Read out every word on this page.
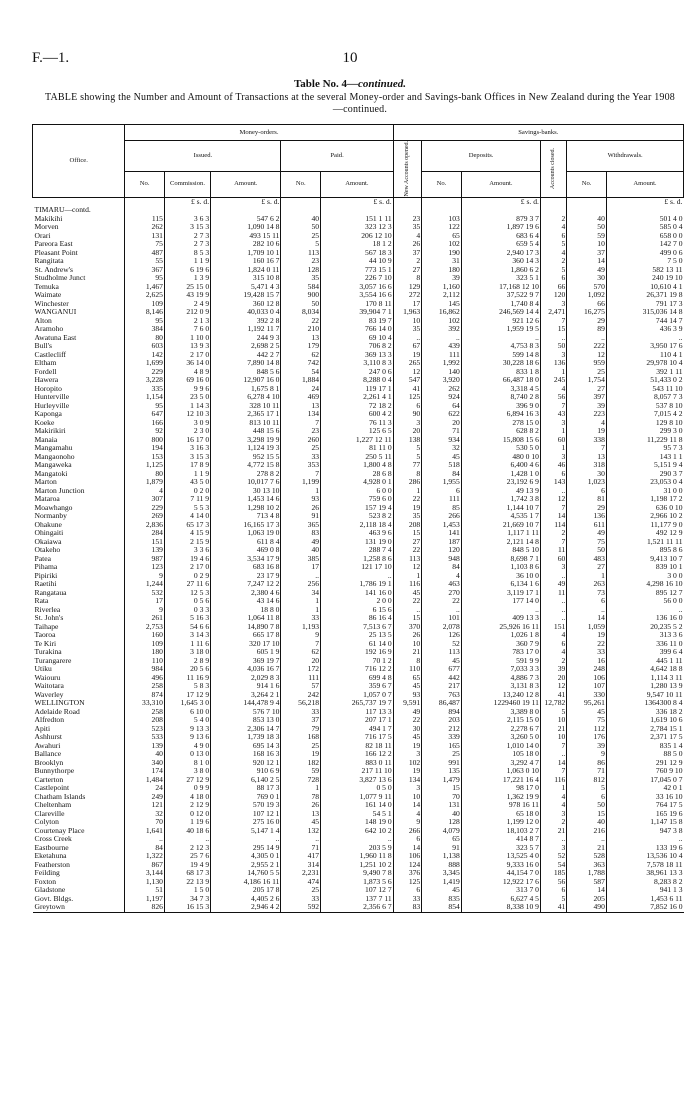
F.—1.	10
Table No. 4—continued.
TABLE showing the Number and Amount of Transactions at the several Money-order and Savings-bank Offices in New Zealand during the Year 1908—continued.
Office.	Money-orders.					Savings-banks.					
	Issued.			Paid.		New Accounts opened.	Deposits.		Accounts closed.	Withdrawals.	
	No.	Commission.	Amount.	No.	Amount.		No.	Amount.		No.	Amount.
		£ s. d.	£ s. d.		£ s. d.			£ s. d.			£ s. d.
TIMARU—contd.											
Makikihi	115	3 6 3	547 6 2	40	151 1 11	23	103	879 3 7	2	40	501 4 0
Morven	262	3 15 3	1,090 14 8	50	323 12 3	35	122	1,897 19 6	4	50	585 0 4
Orari	131	2 7 3	493 15 11	25	206 12 10	4	65	683 6 4	6	59	658 0 0
Pareora East	75	2 7 3	282 10 6	5	18 1 2	26	102	659 5 4	5	10	142 7 0
Pleasant Point	487	8 5 3	1,709 10 1	113	567 18 3	37	190	2,940 17 3	4	37	499 0 6
Rangitata	55	1 1 9	160 16 7	23	44 10 9	2	31	360 14 3	2	14	7 5 0
St. Andrew's	367	6 19 6	1,824 0 11	128	773 15 1	27	180	1,860 6 2	5	49	582 13 11
Studholme Junct	95	1 3 9	315 10 8	35	226 7 10	8	39	323 5 1	6	30	240 19 10
Temuka	1,467	25 15 0	5,471 4 3	584	3,057 16 6	129	1,160	17,168 12 10	66	570	10,610 4 1
Waimate	2,625	43 19 9	19,428 15 7	900	3,554 16 6	272	2,112	37,522 9 7	120	1,092	26,371 19 8
Winchester	109	2 4 9	360 12 8	50	170 8 11	17	145	1,740 8 4	3	66	791 17 3
WANGANUI	8,146	212 0 9	40,033 0 4	8,034	39,904 7 1	1,963	16,862	246,569 14 4	2,471	16,275	315,036 14 8
Alton	95	2 1 3	392 2 8	22	83 19 7	10	102	921 12 6	7	29	744 14 7
Aramoho	384	7 6 0	1,192 11 7	210	766 14 0	35	392	1,959 19 5	15	89	436 3 9
Awatuna East	80	1 10 0	244 9 3	13	69 10 4	..	..	..	..	..	..
Bull's	603	13 9 3	2,698 2 5	179	706 8 2	67	439	4,753 8 3	50	222	3,950 17 6
Castlecliff	142	2 17 0	442 2 7	62	369 13 3	19	111	599 14 8	3	12	110 4 1
Eltham	1,699	36 14 0	7,890 14 8	742	3,110 8 3	265	1,992	30,228 18 6	136	959	29,978 10 4
Fordell	229	4 8 9	848 5 6	54	247 0 6	12	140	833 1 8	1	25	392 1 11
Hawera	3,228	69 16 0	12,907 16 0	1,884	8,288 0 4	547	3,920	66,487 18 0	245	1,754	51,433 0 2
Horopito	335	9 9 6	1,675 8 1	24	119 17 1	41	262	3,318 4 5	4	27	543 11 10
Hunterville	1,154	23 5 0	6,278 4 10	469	2,261 4 1	125	924	8,740 2 8	56	397	8,057 7 3
Hurleyville	95	1 14 3	328 10 11	13	72 18 2	6	64	396 9 0	7	39	537 8 10
Kaponga	647	12 10 3	2,365 17 1	134	600 4 2	90	622	6,894 16 3	43	223	7,015 4 2
Koeke	166	3 0 9	813 10 11	7	76 11 3	3	20	278 15 0	3	4	129 8 10
Makirikiri	92	2 3 0	448 15 6	23	125 6 5	20	71	628 8 2	1	19	299 3 0
Manaia	800	16 17 0	3,298 19 9	260	1,227 12 11	138	934	15,808 15 6	60	338	11,229 11 8
Mangamahu	194	3 16 3	1,124 19 3	25	81 11 0	5	32	530 5 0	1	7	95 7 3
Mangaonoho	153	3 15 3	952 15 5	33	250 5 11	5	45	480 0 10	3	13	143 1 1
Mangaweka	1,125	17 8 9	4,772 15 8	353	1,800 4 8	77	518	6,400 4 6	46	318	5,151 9 4
Mangatoki	80	1 1 9	278 8 2	7	28 6 8	8	84	1,428 1 0	6	30	290 3 7
Marton	1,879	43 5 0	10,017 7 6	1,199	4,928 0 1	286	1,955	23,192 6 9	143	1,023	23,053 0 4
Marton Junction	4	0 2 0	30 13 10	1	6 0 0	1	6	49 13 9	..	6	31 0 0
Mataroa	307	7 11 9	1,453 14 6	93	759 6 0	22	111	1,742 3 8	12	81	1,198 17 2
Moawhango	229	5 5 3	1,298 10 2	26	157 19 4	19	85	1,144 10 7	7	29	636 0 10
Normanby	269	4 14 0	713 4 8	91	523 8 2	35	266	4,535 1 7	14	136	2,966 10 2
Ohakune	2,836	65 17 3	16,165 17 3	365	2,118 18 4	208	1,453	21,669 10 7	114	611	11,177 9 0
Ohingaiti	284	4 15 9	1,063 19 0	83	463 9 6	15	141	1,117 1 11	2	49	492 12 9
Okaiawa	151	2 15 9	611 8 4	49	131 19 0	27	187	2,121 14 8	7	75	1,521 11 11
Otakeho	139	3 3 6	469 0 8	40	288 7 4	22	120	848 5 10	11	50	895 8 6
Patea	987	19 4 6	3,534 17 9	385	1,258 8 6	113	948	8,698 7 1	60	483	9,413 10 7
Pihama	123	2 17 0	683 16 8	17	121 17 10	12	84	1,103 8 6	3	27	839 10 1
Pipiriki	9	0 2 9	23 17 9	..	..	1	4	36 10 0	..	1	3 0 0
Raetihi	1,244	27 11 6	7,247 12 2	256	1,786 19 1	116	463	6,134 1 6	49	263	4,298 16 10
Rangataua	532	12 5 3	2,380 4 6	34	141 16 0	45	270	3,119 17 1	11	73	895 12 7
Rata	17	0 5 6	43 14 6	1	2 0 0	22	22	177 14 0	..	6	56 0 0
Riverlea	9	0 3 3	18 8 0	1	6 15 6	..	..	..	..	..	..
St. John's	261	5 16 3	1,064 11 8	33	86 16 4	15	101	409 13 3	..	14	136 16 0
Taihape	2,753	54 6 6	14,890 7 8	1,193	7,513 6 7	370	2,078	25,926 16 11	151	1,059	20,235 5 2
Taoroa	160	3 14 3	665 17 8	9	25 13 5	26	126	1,026 1 8	4	19	313 3 6
Te Kiri	109	1 11 6	320 17 10	7	61 14 0	10	52	360 7 9	6	22	336 11 0
Turakina	180	3 18 0	605 1 9	62	192 16 9	21	113	783 17 0	4	33	399 6 4
Turangarere	110	2 8 9	369 19 7	20	70 1 2	8	45	591 9 9	2	16	445 1 11
Utiku	984	20 5 6	4,036 16 7	172	716 12 2	110	677	7,033 3 3	39	248	4,642 18 8
Waiouru	496	11 16 9	2,029 8 3	111	699 4 8	65	442	4,886 7 3	20	106	1,114 3 11
Waitotara	258	5 8 3	914 1 6	57	359 6 7	45	217	3,131 8 3	12	107	1,280 13 9
Waverley	874	17 12 9	3,264 2 1	242	1,057 0 7	93	763	13,240 12 8	41	330	9,547 10 11
WELLINGTON	33,310	1,645 3 0	144,478 9 4	56,218	265,737 19 7	9,591	86,487	1229460 19 11	12,782	95,261	1364300 8 4
Adelaide Road	258	6 10 0	576 7 10	33	117 13 3	49	894	3,389 8 0	5	45	336 18 2
Alfredton	208	5 4 0	853 13 0	37	207 17 1	22	203	2,115 15 0	10	75	1,619 10 6
Apiti	523	9 13 3	2,306 14 7	79	494 1 7	30	212	2,278 6 7	21	112	2,784 15 1
Ashhurst	533	9 13 6	1,739 18 3	168	716 17 5	45	339	3,260 5 0	10	176	2,371 17 5
Awahuri	139	4 9 0	695 14 3	25	82 18 11	19	165	1,010 14 0	7	39	835 1 4
Ballance	40	0 13 0	168 16 3	19	166 12 2	3	25	105 18 0	..	9	88 5 0
Brooklyn	340	8 1 0	920 12 1	182	883 0 11	102	991	3,292 4 7	14	86	291 12 9
Bunnythorpe	174	3 8 0	910 6 9	59	217 11 10	19	135	1,063 0 10	7	71	760 9 10
Carterton	1,484	27 12 9	6,140 2 5	728	3,827 13 6	134	1,479	17,221 16 4	116	812	17,045 0 7
Castlepoint	24	0 9 9	88 17 3	1	0 5 0	3	15	98 17 0	1	5	42 0 1
Chatham Islands	249	4 18 0	769 0 1	78	1,077 9 11	10	70	1,362 19 9	4	6	33 16 10
Cheltenham	121	2 12 9	570 19 3	26	161 14 0	14	131	978 16 11	4	50	764 17 5
Clareville	32	0 12 0	107 12 1	13	54 5 1	4	40	65 18 0	3	15	165 19 6
Colyton	70	1 19 6	275 16 0	45	148 19 0	9	128	1,199 12 0	2	40	1,147 15 8
Courtenay Place	1,641	40 18 6	5,147 1 4	132	642 10 2	266	4,079	18,103 2 7	21	216	947 3 8
Cross Creek	..	..	..	..	..	6	65	414 8 7	..	..	..
Eastbourne	84	2 12 3	295 14 9	71	203 5 9	14	91	323 5 7	3	21	133 19 6
Eketahuna	1,322	25 7 6	4,305 0 1	417	1,960 11 8	106	1,138	13,525 4 0	52	528	13,536 10 4
Featherston	867	19 4 9	2,955 2 1	314	1,251 10 2	124	888	9,333 16 0	54	363	7,578 18 11
Feilding	3,144	68 17 3	14,760 5 5	2,231	9,490 7 8	376	3,345	44,154 7 0	185	1,788	38,961 13 3
Foxton	1,130	22 13 9	4,186 16 11	474	1,873 5 6	125	1,419	12,922 17 6	56	587	8,283 8 2
Gladstone	51	1 5 0	205 17 8	25	107 12 7	6	45	313 7 0	6	14	941 1 3
Govt. Bldgs.	1,197	34 7 3	4,405 2 6	33	137 7 11	33	835	6,627 4 5	5	205	1,453 6 11
Greytown	826	16 15 3	2,946 4 2	592	2,356 6 7	83	854	8,338 10 9	41	490	7,852 16 0
